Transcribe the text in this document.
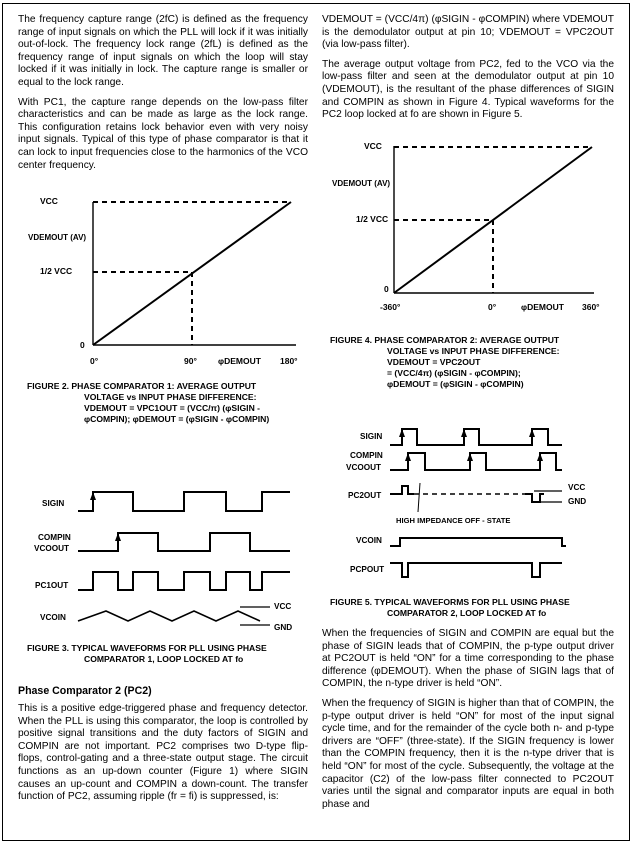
The frequency capture range (2fC) is defined as the frequency range of input signals on which the PLL will lock if it was initially out-of-lock. The frequency lock range (2fL) is defined as the frequency range of input signals on which the loop will stay locked if it was initially in lock. The capture range is smaller or equal to the lock range.

With PC1, the capture range depends on the low-pass filter characteristics and can be made as large as the lock range. This configuration retains lock behavior even with very noisy input signals. Typical of this type of phase comparator is that it can lock to input frequencies close to the harmonics of the VCO center frequency.

VCC
VDEMOUT (AV)
1/2 VCC
0
0°	90° φDEMOUT 180°
FIGURE 2. PHASE COMPARATOR 1: AVERAGE OUTPUT
VOLTAGE vs INPUT PHASE DIFFERENCE:
VDEMOUT = VPC1OUT = (VCC/π) (φSIGIN -
φCOMPIN); φDEMOUT = (φSIGIN - φCOMPIN)
SIGIN
COMPIN
VCOOUT
PC1OUT
VCOIN
VCC
GND
FIGURE 3. TYPICAL WAVEFORMS FOR PLL USING PHASE
COMPARATOR 1, LOOP LOCKED AT fo
Phase Comparator 2 (PC2)

This is a positive edge-triggered phase and frequency detector. When the PLL is using this comparator, the loop is controlled by positive signal transitions and the duty factors of SIGIN and COMPIN are not important. PC2 comprises two D-type flip-flops, control-gating and a three-state output stage. The circuit functions as an up-down counter (Figure 1) where SIGIN causes an up-count and COMPIN a down-count. The transfer function of PC2, assuming ripple (fr = fi) is suppressed, is:

VDEMOUT = (VCC/4π) (φSIGIN - φCOMPIN) where VDEMOUT is the demodulator output at pin 10; VDEMOUT = VPC2OUT (via low-pass filter).

The average output voltage from PC2, fed to the VCO via the low-pass filter and seen at the demodulator output at pin 10 (VDEMOUT), is the resultant of the phase differences of SIGIN and COMPIN as shown in Figure 4. Typical waveforms for the PC2 loop locked at fo are shown in Figure 5.

VCC
VDEMOUT (AV)
1/2 VCC
0
-360°	0°	φDEMOUT 360°
FIGURE 4. PHASE COMPARATOR 2: AVERAGE OUTPUT
VOLTAGE vs INPUT PHASE DIFFERENCE:
VDEMOUT = VPC2OUT
= (VCC/4π) (φSIGIN - φCOMPIN);
φDEMOUT = (φSIGIN - φCOMPIN)
SIGIN
COMPIN
VCOOUT
PC2OUT
VCC
GND
HIGH IMPEDANCE OFF - STATE
VCOIN
PCPOUT
FIGURE 5. TYPICAL WAVEFORMS FOR PLL USING PHASE
COMPARATOR 2, LOOP LOCKED AT fo

When the frequencies of SIGIN and COMPIN are equal but the phase of SIGIN leads that of COMPIN, the p-type output driver at PC2OUT is held “ON” for a time corresponding to the phase difference (φDEMOUT). When the phase of SIGIN lags that of COMPIN, the n-type driver is held “ON”.

When the frequency of SIGIN is higher than that of COMPIN, the p-type output driver is held “ON” for most of the input signal cycle time, and for the remainder of the cycle both n- and p-type drivers are “OFF” (three-state). If the SIGIN frequency is lower than the COMPIN frequency, then it is the n-type driver that is held “ON” for most of the cycle. Subsequently, the voltage at the capacitor (C2) of the low-pass filter connected to PC2OUT varies until the signal and comparator inputs are equal in both phase and
